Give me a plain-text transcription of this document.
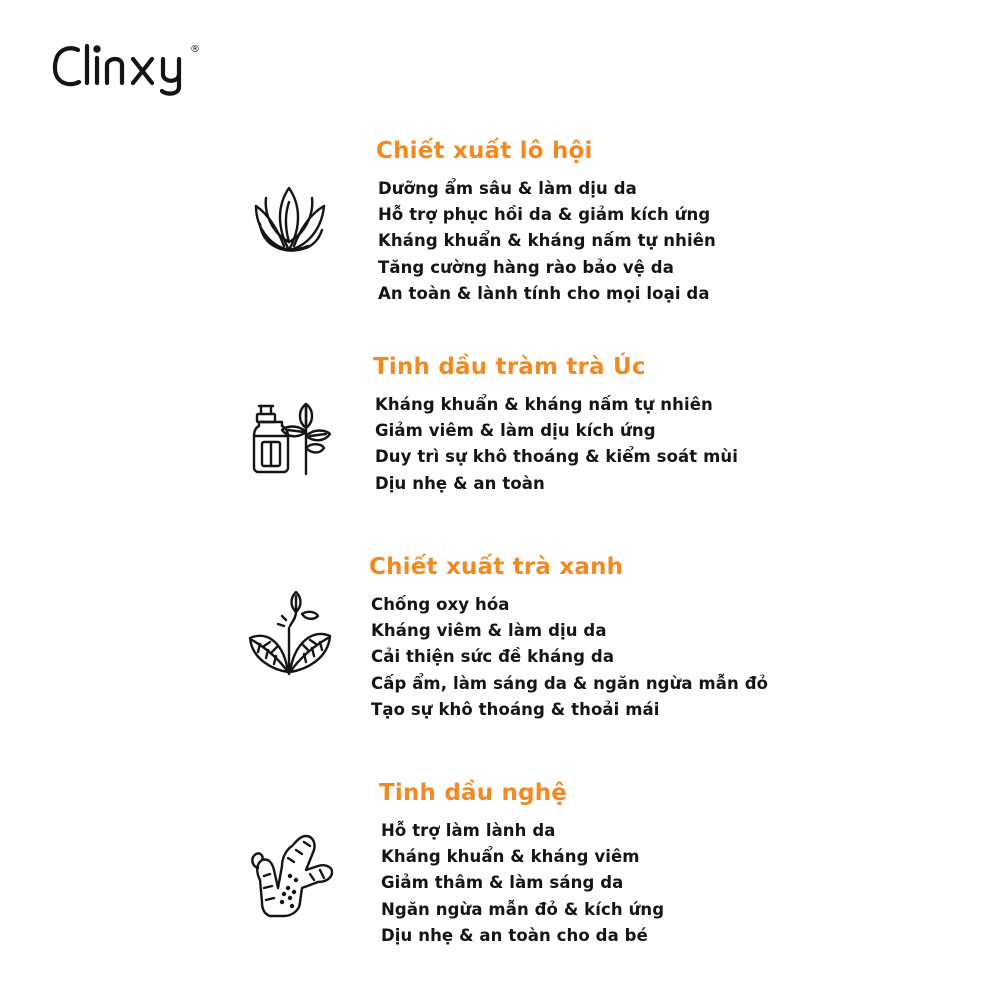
®
Chiết xuất lô hội
Dưỡng ẩm sâu & làm dịu da
Hỗ trợ phục hồi da & giảm kích ứng
Kháng khuẩn & kháng nấm tự nhiên
Tăng cường hàng rào bảo vệ da
An toàn & lành tính cho mọi loại da
Tinh dầu tràm trà Úc
Kháng khuẩn & kháng nấm tự nhiên
Giảm viêm & làm dịu kích ứng
Duy trì sự khô thoáng & kiểm soát mùi
Dịu nhẹ & an toàn
Chiết xuất trà xanh
Chống oxy hóa
Kháng viêm & làm dịu da
Cải thiện sức đề kháng da
Cấp ẩm, làm sáng da & ngăn ngừa mẫn đỏ
Tạo sự khô thoáng & thoải mái
Tinh dầu nghệ
Hỗ trợ làm lành da
Kháng khuẩn & kháng viêm
Giảm thâm & làm sáng da
Ngăn ngừa mẫn đỏ & kích ứng
Dịu nhẹ & an toàn cho da bé
